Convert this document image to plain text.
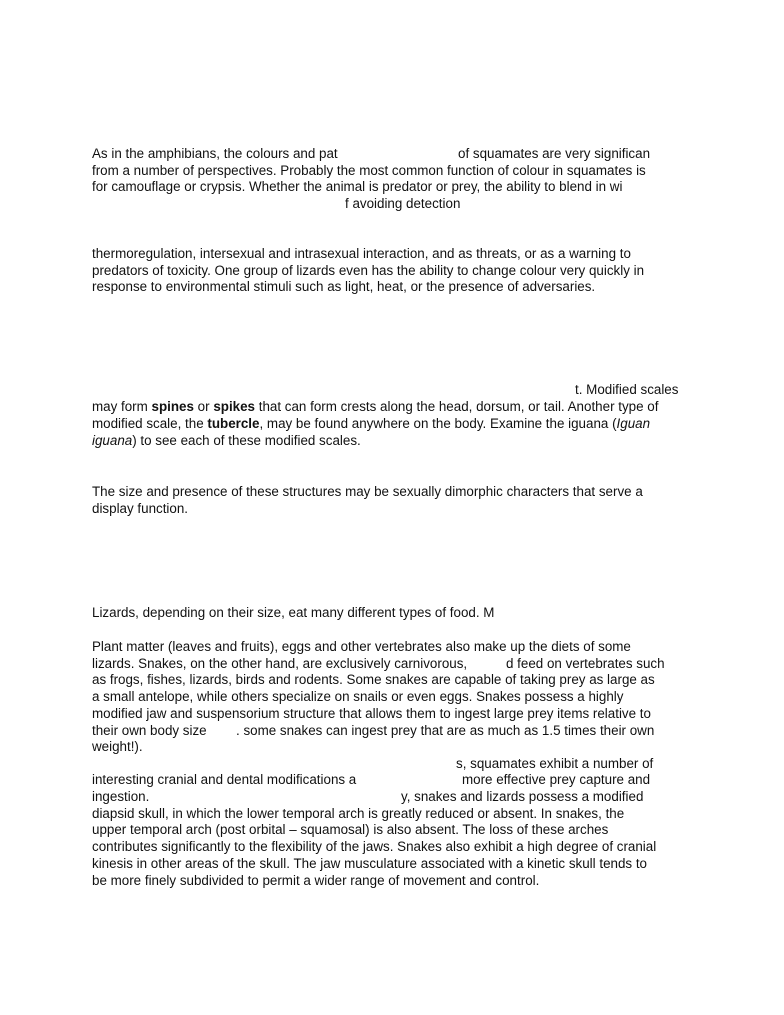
As in the amphibians, the colours and pat	of squamates are very significan
from a number of perspectives. Probably the most common function of colour in squamates is
for camouflage or crypsis. Whether the animal is predator or prey, the ability to blend in wi
f avoiding detection
thermoregulation, intersexual and intrasexual interaction, and as threats, or as a warning to
predators of toxicity. One group of lizards even has the ability to change colour very quickly in
response to environmental stimuli such as light, heat, or the presence of adversaries.
t. Modified scales
may form spines or spikes that can form crests along the head, dorsum, or tail. Another type of
modified scale, the tubercle, may be found anywhere on the body. Examine the iguana (Iguan
iguana) to see each of these modified scales.
The size and presence of these structures may be sexually dimorphic characters that serve a
display function.
Lizards, depending on their size, eat many different types of food. M
Plant matter (leaves and fruits), eggs and other vertebrates also make up the diets of some
lizards. Snakes, on the other hand, are exclusively carnivorous,	d feed on vertebrates such
as frogs, fishes, lizards, birds and rodents. Some snakes are capable of taking prey as large as
a small antelope, while others specialize on snails or even eggs. Snakes possess a highly
modified jaw and suspensorium structure that allows them to ingest large prey items relative to
their own body size . some snakes can ingest prey that are as much as 1.5 times their own
weight!).
s, squamates exhibit a number of
interesting cranial and dental modifications a	more effective prey capture and
ingestion.	y, snakes and lizards possess a modified
diapsid skull, in which the lower temporal arch is greatly reduced or absent. In snakes, the
upper temporal arch (post orbital – squamosal) is also absent. The loss of these arches
contributes significantly to the flexibility of the jaws. Snakes also exhibit a high degree of cranial
kinesis in other areas of the skull. The jaw musculature associated with a kinetic skull tends to
be more finely subdivided to permit a wider range of movement and control.
